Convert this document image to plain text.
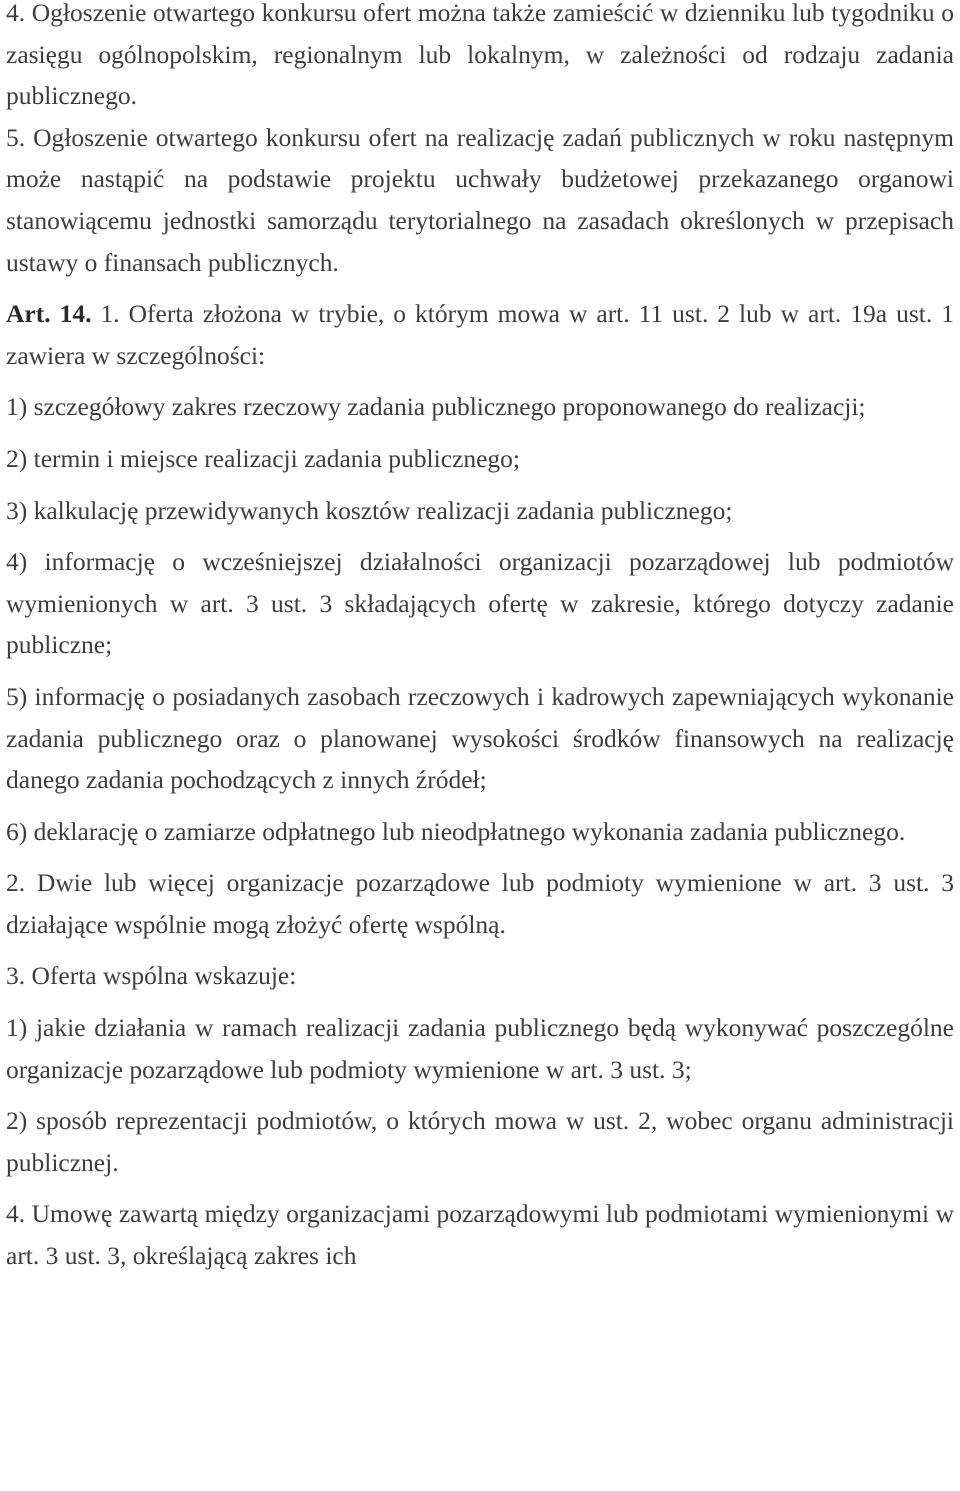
4. Ogłoszenie otwartego konkursu ofert można także zamieścić w dzienniku lub tygodniku o zasięgu ogólnopolskim, regionalnym lub lokalnym, w zależności od rodzaju zadania publicznego.

5. Ogłoszenie otwartego konkursu ofert na realizację zadań publicznych w roku następnym może nastąpić na podstawie projektu uchwały budżetowej przekazanego organowi stanowiącemu jednostki samorządu terytorialnego na zasadach określonych w przepisach ustawy o finansach publicznych.

Art. 14. 1. Oferta złożona w trybie, o którym mowa w art. 11 ust. 2 lub w art. 19a ust. 1 zawiera w szczególności:

1) szczegółowy zakres rzeczowy zadania publicznego proponowanego do realizacji;

2) termin i miejsce realizacji zadania publicznego;

3) kalkulację przewidywanych kosztów realizacji zadania publicznego;

4) informację o wcześniejszej działalności organizacji pozarządowej lub podmiotów wymienionych w art. 3 ust. 3 składających ofertę w zakresie, którego dotyczy zadanie publiczne;

5) informację o posiadanych zasobach rzeczowych i kadrowych zapewniających wykonanie zadania publicznego oraz o planowanej wysokości środków finansowych na realizację danego zadania pochodzących z innych źródeł;

6) deklarację o zamiarze odpłatnego lub nieodpłatnego wykonania zadania publicznego.

2. Dwie lub więcej organizacje pozarządowe lub podmioty wymienione w art. 3 ust. 3 działające wspólnie mogą złożyć ofertę wspólną.

3. Oferta wspólna wskazuje:

1) jakie działania w ramach realizacji zadania publicznego będą wykonywać poszczególne organizacje pozarządowe lub podmioty wymienione w art. 3 ust. 3;

2) sposób reprezentacji podmiotów, o których mowa w ust. 2, wobec organu administracji publicznej.

4. Umowę zawartą między organizacjami pozarządowymi lub podmiotami wymienionymi w art. 3 ust. 3, określającą zakres ich
